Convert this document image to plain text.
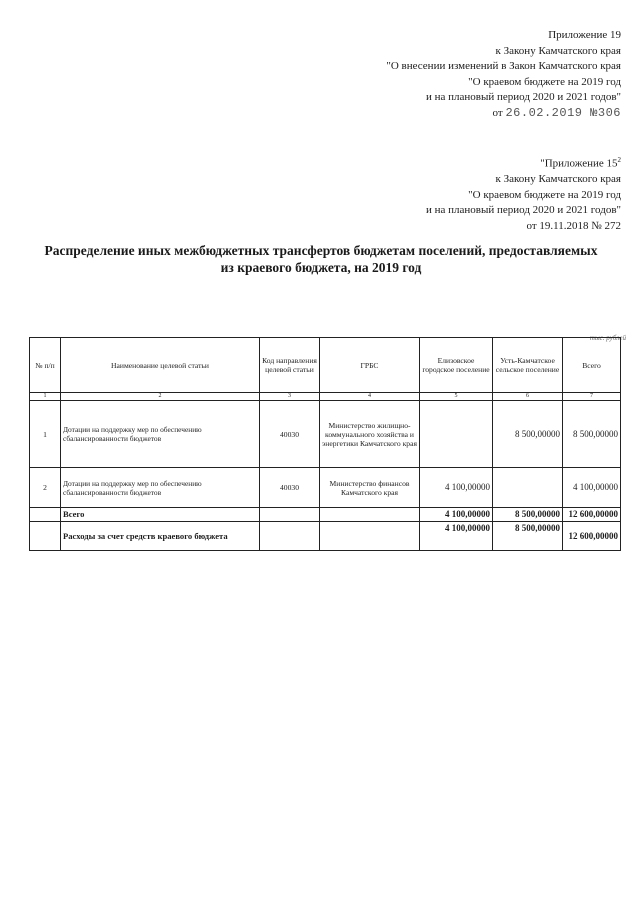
Приложение 19
к Закону Камчатского края
"О внесении изменений в Закон Камчатского края
"О краевом бюджете на 2019 год
и на плановый период 2020 и 2021 годов"
от 26.02.2019 №306
"Приложение $15^2$
к Закону Камчатского края
"О краевом бюджете на 2019 год
и на плановый период 2020 и 2021 годов"
от 19.11.2018 № 272
Распределение иных межбюджетных трансфертов бюджетам поселений, предоставляемых
из краевого бюджета, на 2019 год
тыс. рублей
№ п/п	Наименование целевой статьи	Код направления целевой статьи	ГРБС	Елизовское городское поселение	Усть-Камчатское сельское поселение	Всего
1	2	3	4	5	6	7
1	Дотации на поддержку мер по обеспечению сбалансированности бюджетов	40030	Министерство жилищно-коммунального хозяйства и энергетики Камчатского края		8 500,00000	8 500,00000
2	Дотации на поддержку мер по обеспечению сбалансированности бюджетов	40030	Министерство финансов Камчатского края	4 100,00000		4 100,00000
	Всего			4 100,00000	8 500,00000	12 600,00000
	Расходы за счет средств краевого бюджета			4 100,00000	8 500,00000	12 600,00000
